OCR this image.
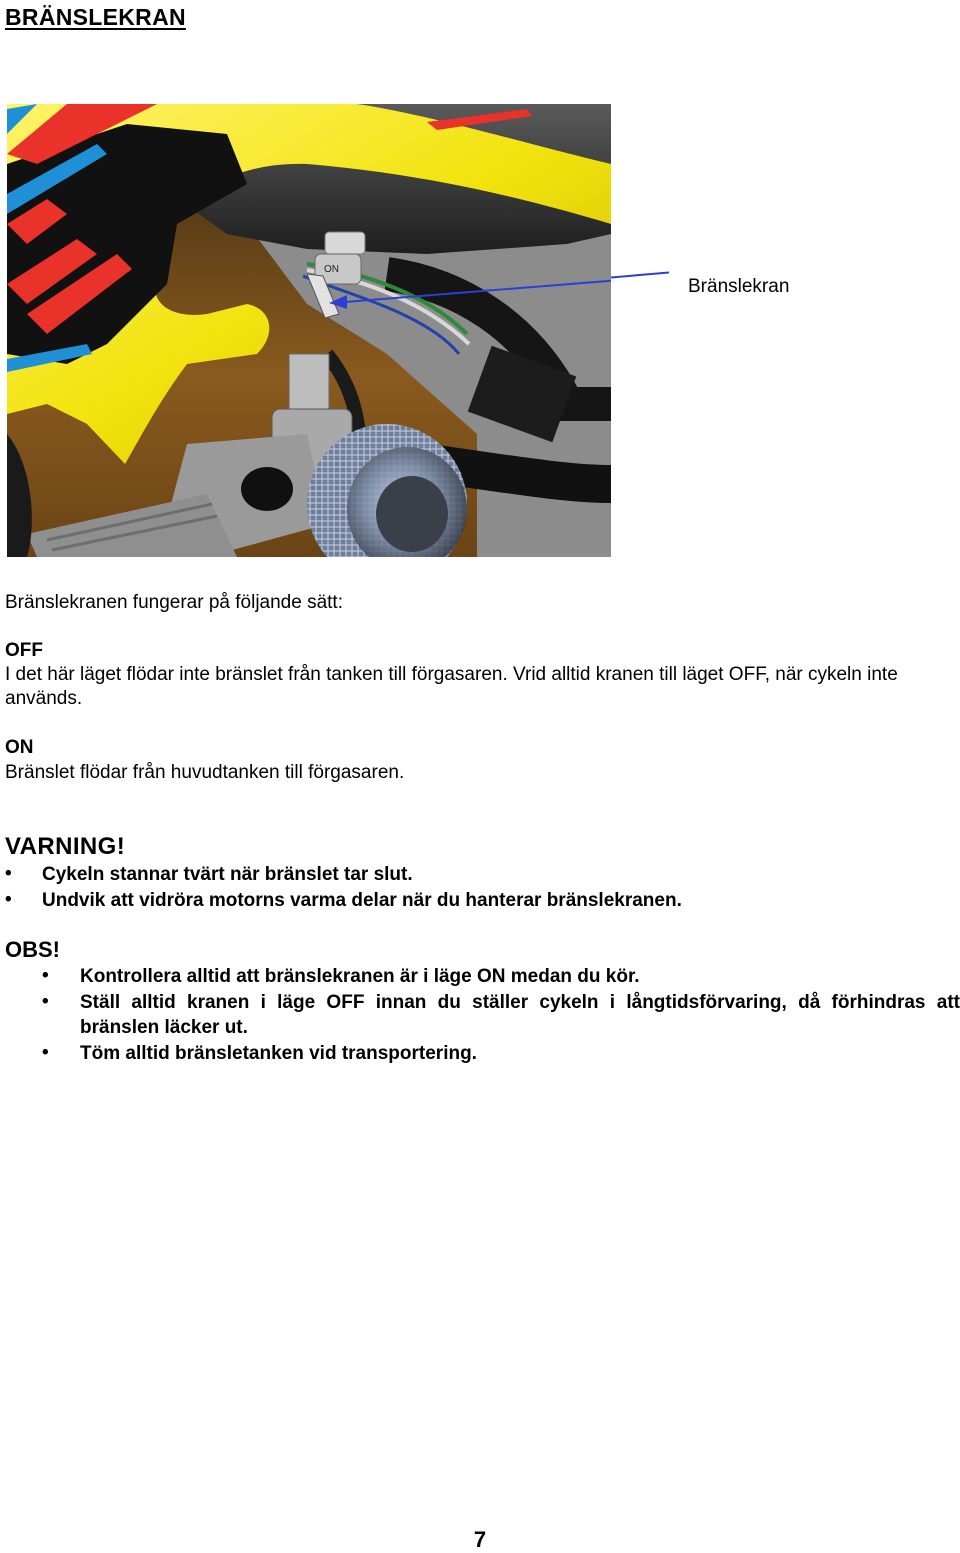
BRÄNSLEKRAN
ON
Bränslekran
Bränslekranen fungerar på följande sätt:
OFF
I det här läget flödar inte bränslet från tanken till förgasaren. Vrid alltid kranen till läget OFF, när cykeln inte används.
ON
Bränslet flödar från huvudtanken till förgasaren.
VARNING!
• Cykeln stannar tvärt när bränslet tar slut.
• Undvik att vidröra motorns varma delar när du hanterar bränslekranen.
OBS!
• Kontrollera alltid att bränslekranen är i läge ON medan du kör.
• Ställ alltid kranen i läge OFF innan du ställer cykeln i långtidsförvaring, då förhindras att bränslen läcker ut.
• Töm alltid bränsletanken vid transportering.
7
